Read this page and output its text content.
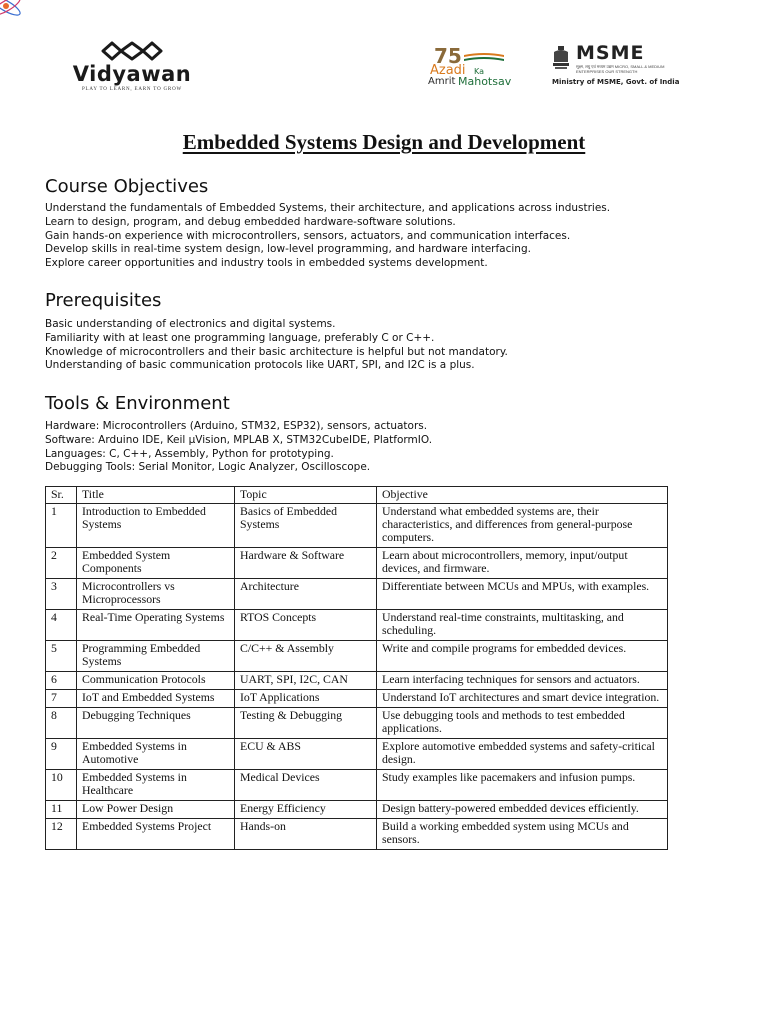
Vidyawan
PLAY TO LEARN, EARN TO GROW
75
Azadi Ka
Amrit Mahotsav
MSME
सूक्ष्म, लघु एवं मध्यम उद्यम MICRO, SMALL & MEDIUM ENTERPRISES OUR STRENGTH
Ministry of MSME, Govt. of India
Embedded Systems Design and Development
Course Objectives

Understand the fundamentals of Embedded Systems, their architecture, and applications across industries.

Learn to design, program, and debug embedded hardware-software solutions.

Gain hands-on experience with microcontrollers, sensors, actuators, and communication interfaces.

Develop skills in real-time system design, low-level programming, and hardware interfacing.

Explore career opportunities and industry tools in embedded systems development.

Prerequisites

Basic understanding of electronics and digital systems.

Familiarity with at least one programming language, preferably C or C++.

Knowledge of microcontrollers and their basic architecture is helpful but not mandatory.

Understanding of basic communication protocols like UART, SPI, and I2C is a plus.

Tools & Environment

Hardware: Microcontrollers (Arduino, STM32, ESP32), sensors, actuators.

Software: Arduino IDE, Keil µVision, MPLAB X, STM32CubeIDE, PlatformIO.

Languages: C, C++, Assembly, Python for prototyping.

Debugging Tools: Serial Monitor, Logic Analyzer, Oscilloscope.

Sr.	Title	Topic	Objective
1	Introduction to Embedded Systems	Basics of Embedded Systems	Understand what embedded systems are, their characteristics, and differences from general-purpose computers.
2	Embedded System Components	Hardware & Software	Learn about microcontrollers, memory, input/output devices, and firmware.
3	Microcontrollers vs Microprocessors	Architecture	Differentiate between MCUs and MPUs, with examples.
4	Real-Time Operating Systems	RTOS Concepts	Understand real-time constraints, multitasking, and scheduling.
5	Programming Embedded Systems	C/C++ & Assembly	Write and compile programs for embedded devices.
6	Communication Protocols	UART, SPI, I2C, CAN	Learn interfacing techniques for sensors and actuators.
7	IoT and Embedded Systems	IoT Applications	Understand IoT architectures and smart device integration.
8	Debugging Techniques	Testing & Debugging	Use debugging tools and methods to test embedded applications.
9	Embedded Systems in Automotive	ECU & ABS	Explore automotive embedded systems and safety-critical design.
10	Embedded Systems in Healthcare	Medical Devices	Study examples like pacemakers and infusion pumps.
11	Low Power Design	Energy Efficiency	Design battery-powered embedded devices efficiently.
12	Embedded Systems Project	Hands-on	Build a working embedded system using MCUs and sensors.
